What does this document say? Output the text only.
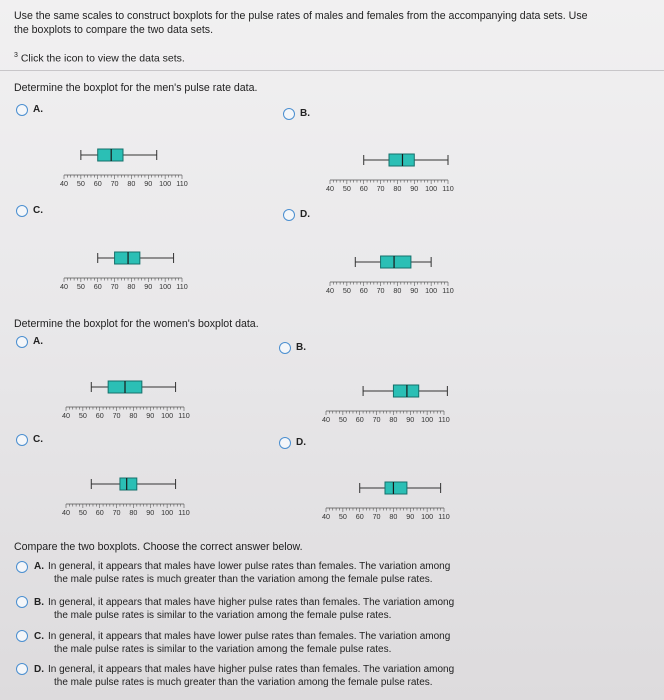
Use the same scales to construct boxplots for the pulse rates of males and females from the accompanying data sets. Use
the boxplots to compare the two data sets.
$^3$ Click the icon to view the data sets.
Determine the boxplot for the men's pulse rate data.
A.	B.
40 50 60 70 80 90 100 110
40 50 60 70 80 90 100 110
C.	D.
40 50 60 70 80 90 100 110	40 50 60 70 80 90 100 110
Determine the boxplot for the women's boxplot data.
A.
B.
40 50 60 70 80 90 100 110	40 50 60 70 80 90 100 110
C.	D.
40 50 60 70 80 90 100 110	40 50 60 70 80 90 100 110
Compare the two boxplots. Choose the correct answer below.
A. In general, it appears that males have lower pulse rates than females. The variation among
the male pulse rates is much greater than the variation among the female pulse rates.
B. In general, it appears that males have higher pulse rates than females. The variation among
the male pulse rates is similar to the variation among the female pulse rates.
C. In general, it appears that males have lower pulse rates than females. The variation among
the male pulse rates is similar to the variation among the female pulse rates.
D. In general, it appears that males have higher pulse rates than females. The variation among
the male pulse rates is much greater than the variation among the female pulse rates.
